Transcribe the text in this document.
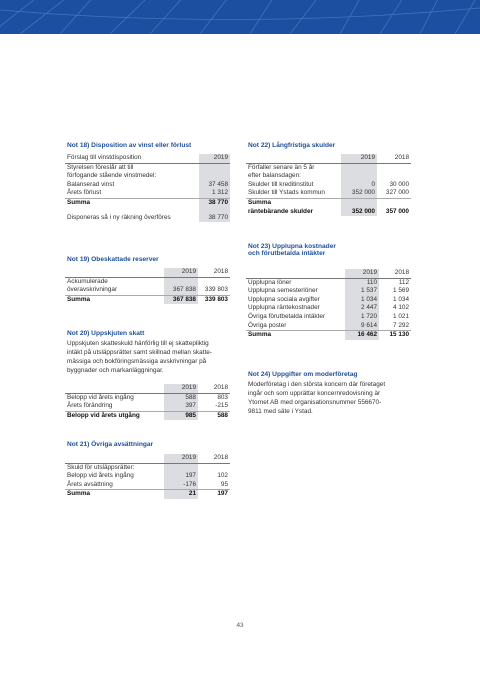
Not 18) Disposition av vinst eller förlust
Förslag till vinstdisposition	2019
Styrelsen föreslår att till	
förfogande stående vinstmedel:	
Balanserad vinst	37 458
Årets förlust	1 312
Summa	38 770

Disponeras så i ny räkning överföres	38 770
Not 19) Obeskattade reserver
	2019	2018
Ackumulerade		
överavskrivningar	367 838	339 803
Summa	367 838	339 803
Not 20) Uppskjuten skatt
Uppskjuten skatteskuld hänförlig till ej skattepliktig
intäkt på utsläppsrätter samt skillnad mellan skatte-
mässiga och bokföringsmässiga avskrivningar på
byggnader och markanläggningar.
	2019	2018
Belopp vid årets ingång	588	803
Årets förändring	397	-215
Belopp vid årets utgång	985	588
Not 21) Övriga avsättningar
	2019	2018
Skuld för utsläppsrätter:		
Belopp vid årets ingång	197	102
Årets avsättning	-176	95
Summa	21	197
Not 22) Långfristiga skulder
	2019	2018
Förfaller senare än 5 år		
efter balansdagen:		
Skulder till kreditinstitut	0	30 000
Skulder till Ystads kommun	352 000	327 000
Summa		
räntebärande skulder	352 000	357 000
Not 23) Upplupna kostnader
och förutbetalda intäkter
	2019	2018
Upplupna löner	110	112
Upplupna semesterlöner	1 537	1 569
Upplupna sociala avgifter	1 034	1 034
Upplupna räntekostnader	2 447	4 102
Övriga förutbetalda intäkter	1 720	1 021
Övriga poster	9 614	7 292
Summa	16 462	15 130
Not 24) Uppgifter om moderföretag
Moderföretag i den största koncern där företaget
ingår och som upprättar koncernredovisning är
Ytornet AB med organisationsnummer 556670-
9811 med säte i Ystad.
43
